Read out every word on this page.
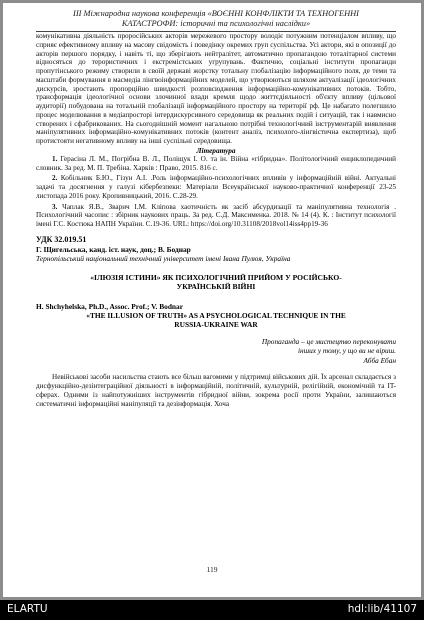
ІІІ Міжнародна наукова конференція «ВОЄННІ КОНФЛІКТИ ТА ТЕХНОГЕННІ
КАТАСТРОФИ: історичні та психологічні наслідки»

комунікативна діяльність проросійських акторів мережевого простору володіє потужним потенціалом впливу, що сприяє ефективному впливу на масову свідомість і поведінку окремих груп суспільства. Усі актори, які в опозиції до акторів першого порядку, і навіть ті, що зберігають нейтралітет, автоматично пропагандою тоталітарної системи відносяться до терористичних і екстремістських угрупувань. Фактично, соціальні інститути пропаганди пропутінського режиму створили в своїй державі жорстку тотальну глобалізацію інформаційного поля, де теми та масштаби формування в масмедіа лінгвоінформаційних моделей, що утворюються шляхом актуалізації ідеологічних дискурсів, зростають пропорційно швидкості розповсюдження інформаційно-комунікативних потоків. Тобто, трансформація ідеологічної основи злочинної влади кремля щодо життєдіяльності об'єкту впливу (цільової аудиторії) побудована на тотальній глобалізації інформаційного простору на території рф. Це набагато полегшило процес моделювання в медіапросторі інтердискурсивного середовища як реальних подій і ситуацій, так і навмисно створених і сфабрикованих. На сьогоднішній момент нагальною потрібні технологічний інструментарій виявлення маніпулятивних інформаційно-комунікативних потоків (контент аналіз, психолого-лінгвістична експертиза), щоб протистояти негативному впливу на інші суспільні середовища.

Література

1. Герасіна Л. М., Погрібна В. Л., Поліщук І. О. та ін. Війна «гібридна». Політологічний енциклопедичний словник. За ред. М. П. Требіна. Харків : Право, 2015. 816 с.

2. Кобільник Б.Ю., Гізун А.І. .Роль інформаційно-психологічних впливів у інформаційній війні. Актуальні задачі та досягнення у галузі кібербезпеки: Матеріали Всеукраїнської науково-практичної конференції 23-25 листопада 2016 року. Кропивницький, 2016. С.28-29.

3. Чаплак Я.В., Зварич І.М. Кліпова хаотичність як засіб абсурдизації та маніпулятивна технологія . Психологічний часопис : збірник наукових праць. За ред. С.Д. Максименка. 2018. № 14 (4). К. : Інститут психології імені Г.С. Костюка НАПН України. С.19-36. URL: https://doi.org/10.31108/2018vol14iss4pp19-36

УДК 32.019.51

Г. Щигельська, канд. іст. наук, доц.; В. Боднар

Тернопільський національний технічний університет імені Івана Пулюя, Україна

«ІЛЮЗІЯ ІСТИНИ» ЯК ПСИХОЛОГІЧНИЙ ПРИЙОМ У РОСІЙСЬКО-
УКРАЇНСЬКІЙ ВІЙНІ

H. Shchyhelska, Ph.D., Assoc. Prof.; V. Bodnar

«THE ILLUSION OF TRUTH» AS A PSYCHOLOGICAL TECHNIQUE IN THE
RUSSIA-UKRAINE WAR
Пропаганда – це мистецтво переконувати
інших у тому, у що ви не віриш.
Абба Ебан

Невійськові засоби насильства стають все більш вагомими у підтримці військових дій. Їх арсенал складається з дисфункційно-дезінтеграційної діяльності в інформаційній, політичній, культурній, релігійній, економічній та IT-сферах. Одними із найпотужніших інструментів гібридної війни, зокрема росії проти України, залишаються систематичні інформаційні маніпуляції та дезінформація. Хоча

119
ELARTU	hdl:lib/41107
